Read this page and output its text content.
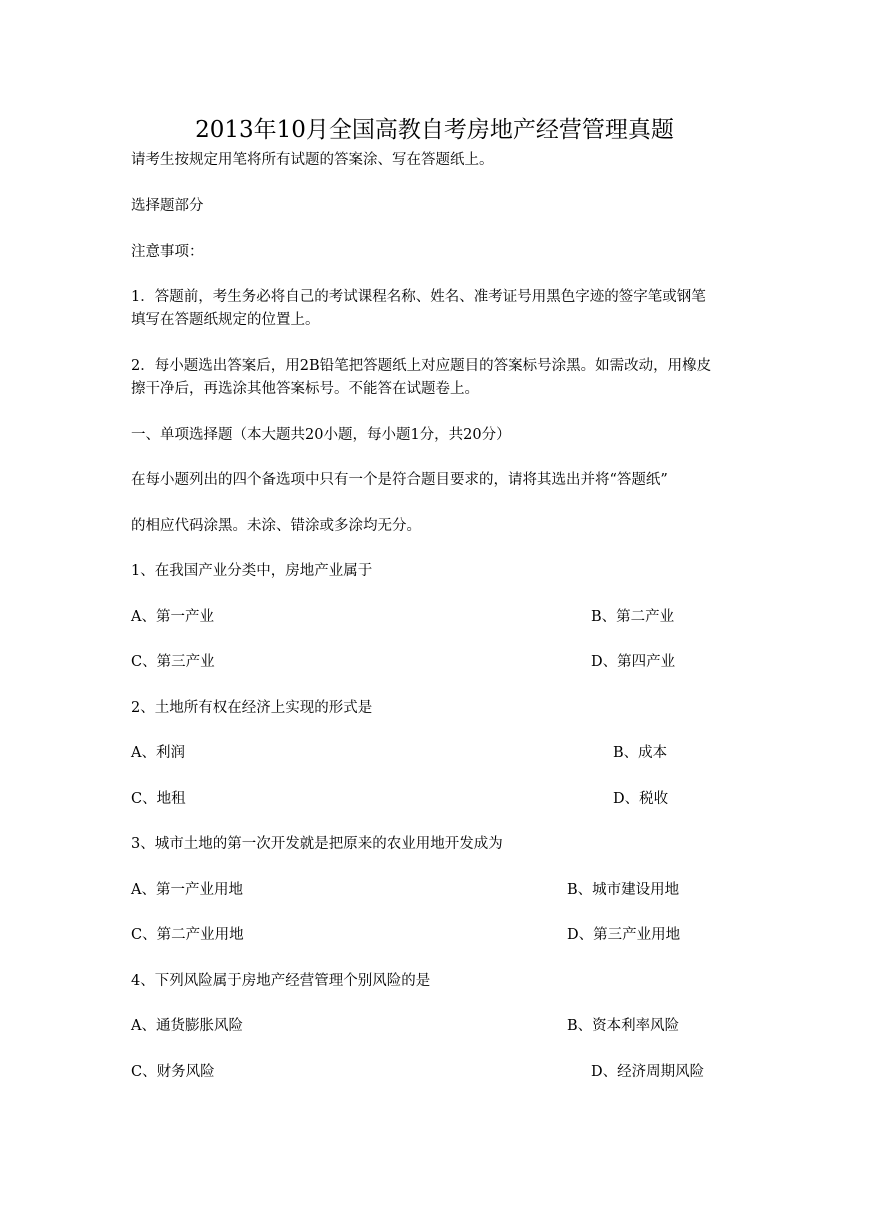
2013年10月全国高教自考房地产经营管理真题
请考生按规定用笔将所有试题的答案涂、写在答题纸上。
选择题部分
注意事项：
1．答题前，考生务必将自己的考试课程名称、姓名、准考证号用黑色字迹的签字笔或钢笔
填写在答题纸规定的位置上。
2．每小题选出答案后，用2B铅笔把答题纸上对应题目的答案标号涂黑。如需改动，用橡皮
擦干净后，再选涂其他答案标号。不能答在试题卷上。
一、单项选择题（本大题共20小题，每小题1分，共20分）
在每小题列出的四个备选项中只有一个是符合题目要求的，请将其选出并将“答题纸”
的相应代码涂黑。未涂、错涂或多涂均无分。
1、在我国产业分类中，房地产业属于
A、第一产业	B、第二产业
C、第三产业	D、第四产业
2、土地所有权在经济上实现的形式是
A、利润	B、成本
C、地租	D、税收
3、城市土地的第一次开发就是把原来的农业用地开发成为
A、第一产业用地	B、城市建设用地
C、第二产业用地	D、第三产业用地
4、下列风险属于房地产经营管理个别风险的是
A、通货膨胀风险	B、资本利率风险
C、财务风险	D、经济周期风险
